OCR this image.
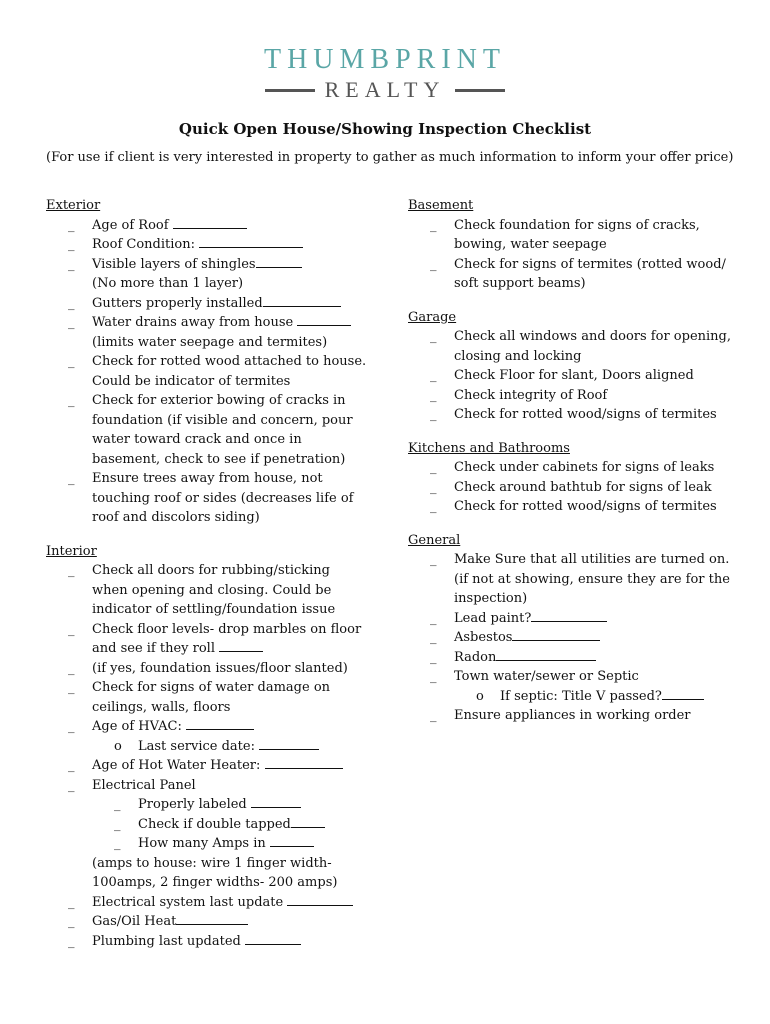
THUMBPRINT
REALTY
Quick Open House/Showing Inspection Checklist
(For use if client is very interested in property to gather as much information to inform your offer price)
Exterior
_ Age of Roof
_ Roof Condition:
_ Visible layers of shingles
(No more than 1 layer)
_ Gutters properly installed
_ Water drains away from house
(limits water seepage and termites)
_ Check for rotted wood attached to house.
Could be indicator of termites
_ Check for exterior bowing of cracks in
foundation (if visible and concern, pour
water toward crack and once in
basement, check to see if penetration)
_ Ensure trees away from house, not
touching roof or sides (decreases life of
roof and discolors siding)
Interior
_ Check all doors for rubbing/sticking
when opening and closing. Could be
indicator of settling/foundation issue
_ Check floor levels- drop marbles on floor
and see if they roll
_ (if yes, foundation issues/floor slanted)
_ Check for signs of water damage on
ceilings, walls, floors
_ Age of HVAC:
o Last service date:
_ Age of Hot Water Heater:
_ Electrical Panel
_ Properly labeled
_ Check if double tapped
_ How many Amps in
(amps to house: wire 1 finger width-
100amps, 2 finger widths- 200 amps)
_ Electrical system last update
_ Gas/Oil Heat
_ Plumbing last updated
Basement
_ Check foundation for signs of cracks,
bowing, water seepage
_ Check for signs of termites (rotted wood/
soft support beams)
Garage
_ Check all windows and doors for opening,
closing and locking
_ Check Floor for slant, Doors aligned
_ Check integrity of Roof
_ Check for rotted wood/signs of termites
Kitchens and Bathrooms
_ Check under cabinets for signs of leaks
_ Check around bathtub for signs of leak
_ Check for rotted wood/signs of termites
General
_ Make Sure that all utilities are turned on.
(if not at showing, ensure they are for the
inspection)
_ Lead paint?
_ Asbestos
_ Radon
_ Town water/sewer or Septic
o If septic: Title V passed?
_ Ensure appliances in working order
